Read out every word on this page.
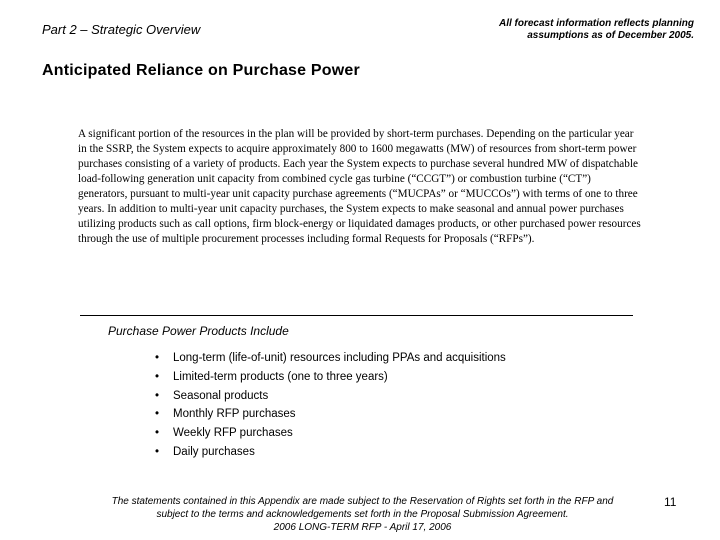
Part 2 – Strategic Overview	All forecast information reflects planning
assumptions as of December 2005.
Anticipated Reliance on Purchase Power
A significant portion of the resources in the plan will be provided by short-term purchases. Depending on the particular year in the SSRP, the System expects to acquire approximately 800 to 1600 megawatts (MW) of resources from short-term power purchases consisting of a variety of products. Each year the System expects to purchase several hundred MW of dispatchable load-following generation unit capacity from combined cycle gas turbine (“CCGT”) or combustion turbine (“CT”) generators, pursuant to multi-year unit capacity purchase agreements (“MUCPAs” or “MUCCOs”) with terms of one to three years. In addition to multi-year unit capacity purchases, the System expects to make seasonal and annual power purchases utilizing products such as call options, firm block-energy or liquidated damages products, or other purchased power resources through the use of multiple procurement processes including formal Requests for Proposals (“RFPs”).
Purchase Power Products Include
• Long-term (life-of-unit) resources including PPAs and acquisitions
• Limited-term products (one to three years)
• Seasonal products
• Monthly RFP purchases
• Weekly RFP purchases
• Daily purchases
The statements contained in this Appendix are made subject to the Reservation of Rights set forth in the RFP and
subject to the terms and acknowledgements set forth in the Proposal Submission Agreement.
2006 LONG-TERM RFP - April 17, 2006
11
